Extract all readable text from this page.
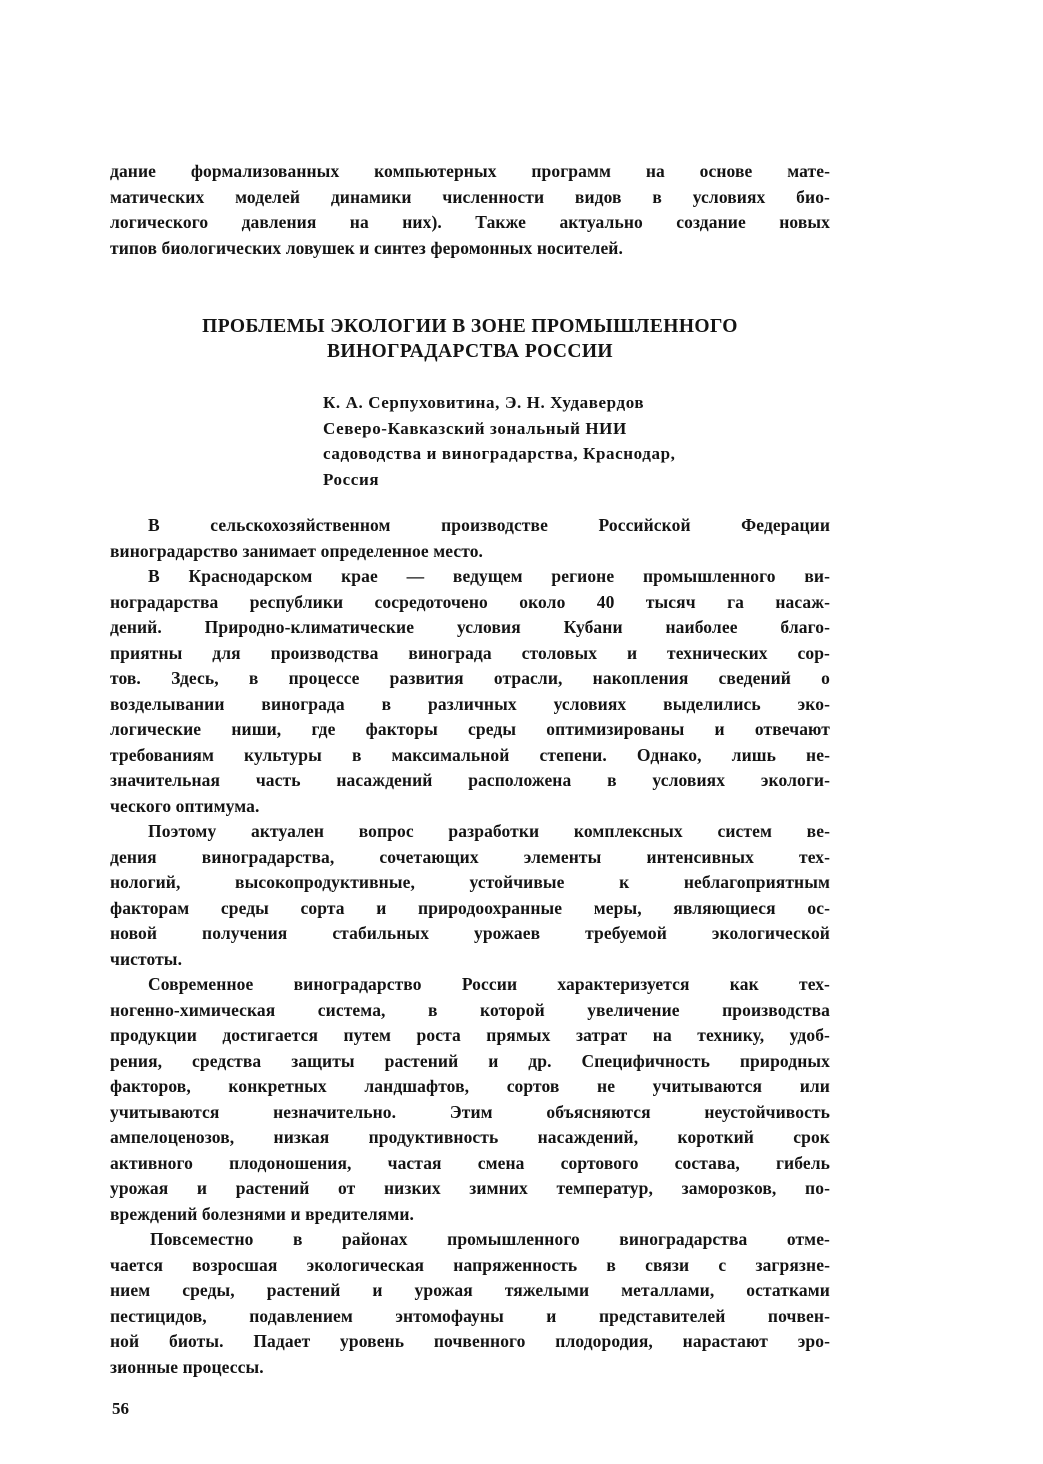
дание формализованных компьютерных программ на основе мате-
матических моделей динамики численности видов в условиях био-
логического давления на них). Также актуально создание новых
типов биологических ловушек и синтез феромонных носителей.
ПРОБЛЕМЫ ЭКОЛОГИИ В ЗОНЕ ПРОМЫШЛЕННОГО
ВИНОГРАДАРСТВА РОССИИ
К. А. Серпуховитина, Э. Н. Худавердов
Северо-Кавказский зональный НИИ
садоводства и виноградарства, Краснодар,
Россия
В сельскохозяйственном производстве Российской Федерации
виноградарство занимает определенное место.
В Краснодарском крае — ведущем регионе промышленного ви-
ноградарства республики сосредоточено около 40 тысяч га насаж-
дений. Природно-климатические условия Кубани наиболее благо-
приятны для производства винограда столовых и технических сор-
тов. Здесь, в процессе развития отрасли, накопления сведений о
возделывании винограда в различных условиях выделились эко-
логические ниши, где факторы среды оптимизированы и отвечают
требованиям культуры в максимальной степени. Однако, лишь не-
значительная часть насаждений расположена в условиях экологи-
ческого оптимума.
Поэтому актуален вопрос разработки комплексных систем ве-
дения виноградарства, сочетающих элементы интенсивных тех-
нологий, высокопродуктивные, устойчивые к неблагоприятным
факторам среды сорта и природоохранные меры, являющиеся ос-
новой получения стабильных урожаев требуемой экологической
чистоты.
Современное виноградарство России характеризуется как тех-
ногенно-химическая система, в которой увеличение производства
продукции достигается путем роста прямых затрат на технику, удоб-
рения, средства защиты растений и др. Специфичность природных
факторов, конкретных ландшафтов, сортов не учитываются или
учитываются незначительно. Этим объясняются неустойчивость
ампелоценозов, низкая продуктивность насаждений, короткий срок
активного плодоношения, частая смена сортового состава, гибель
урожая и растений от низких зимних температур, заморозков, по-
вреждений болезнями и вредителями.
Повсеместно в районах промышленного виноградарства отме-
чается возросшая экологическая напряженность в связи с загрязне-
нием среды, растений и урожая тяжелыми металлами, остатками
пестицидов, подавлением энтомофауны и представителей почвен-
ной биоты. Падает уровень почвенного плодородия, нарастают эро-
зионные процессы.
56
